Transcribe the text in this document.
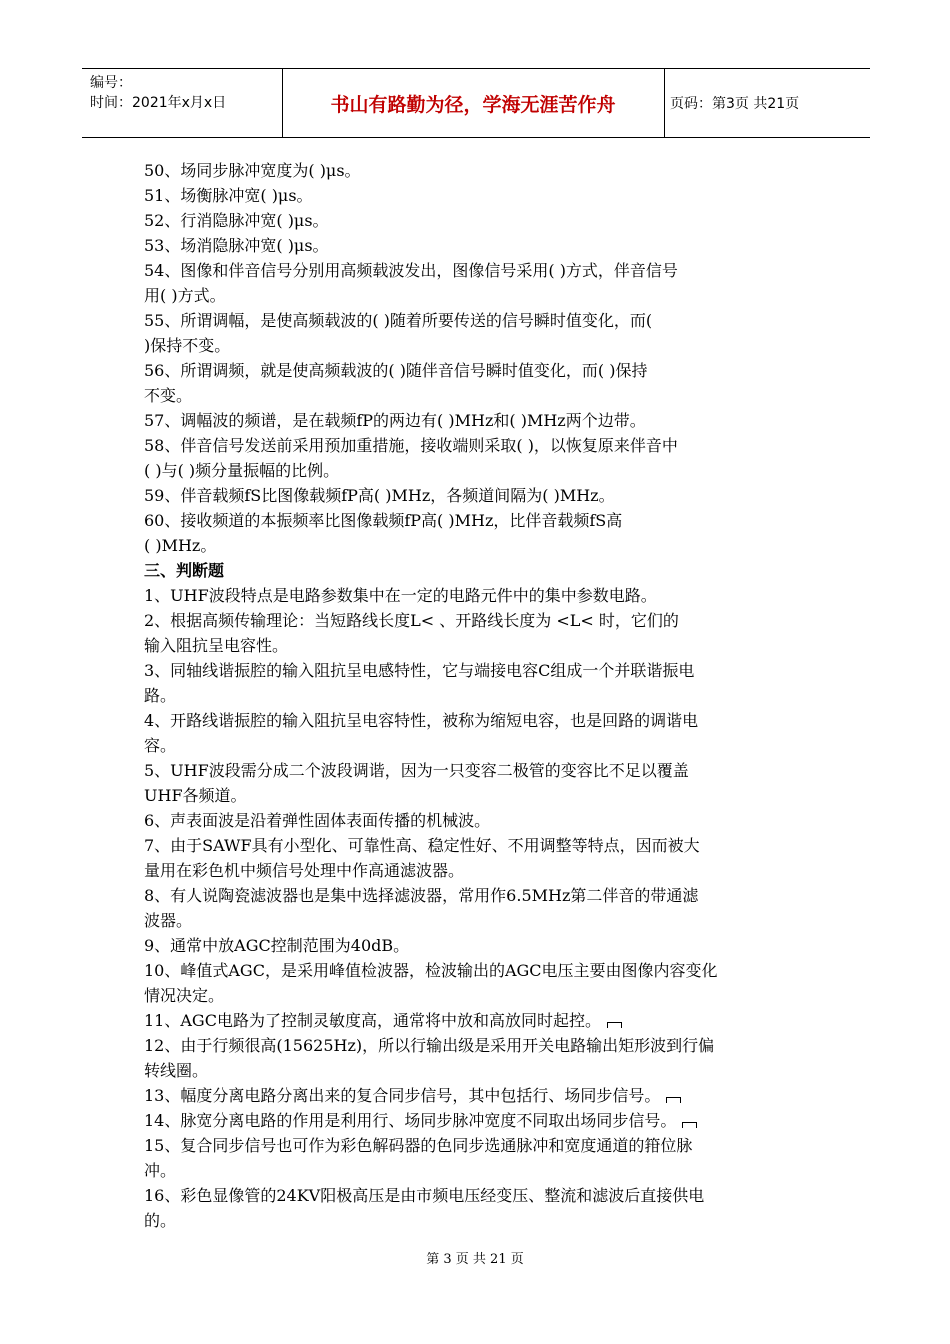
编号：
时间：2021年x月x日	书山有路勤为径，学海无涯苦作舟	页码：第3页 共21页
50、场同步脉冲宽度为( )μs。
51、场衡脉冲宽( )μs。
52、行消隐脉冲宽( )μs。
53、场消隐脉冲宽( )μs。
54、图像和伴音信号分别用高频载波发出，图像信号采用( )方式，伴音信号
用( )方式。
55、所谓调幅，是使高频载波的( )随着所要传送的信号瞬时值变化，而(
)保持不变。
56、所谓调频，就是使高频载波的( )随伴音信号瞬时值变化，而( )保持
不变。
57、调幅波的频谱，是在载频fP的两边有( )MHz和( )MHz两个边带。
58、伴音信号发送前采用预加重措施，接收端则采取( )，以恢复原来伴音中
( )与( )频分量振幅的比例。
59、伴音载频fS比图像载频fP高( )MHz，各频道间隔为( )MHz。
60、接收频道的本振频率比图像载频fP高( )MHz，比伴音载频fS高
( )MHz。
三、判断题
1、UHF波段特点是电路参数集中在一定的电路元件中的集中参数电路。
2、根据高频传输理论：当短路线长度L< 、开路线长度为 <L< 时，它们的
输入阻抗呈电容性。
3、同轴线谐振腔的输入阻抗呈电感特性，它与端接电容C组成一个并联谐振电
路。
4、开路线谐振腔的输入阻抗呈电容特性，被称为缩短电容，也是回路的调谐电
容。
5、UHF波段需分成二个波段调谐，因为一只变容二极管的变容比不足以覆盖
UHF各频道。
6、声表面波是沿着弹性固体表面传播的机械波。
7、由于SAWF具有小型化、可靠性高、稳定性好、不用调整等特点，因而被大
量用在彩色机中频信号处理中作高通滤波器。
8、有人说陶瓷滤波器也是集中选择滤波器，常用作6.5MHz第二伴音的带通滤
波器。
9、通常中放AGC控制范围为40dB。
10、峰值式AGC，是采用峰值检波器，检波输出的AGC电压主要由图像内容变化
情况决定。
11、AGC电路为了控制灵敏度高，通常将中放和高放同时起控。
12、由于行频很高(15625Hz)，所以行输出级是采用开关电路输出矩形波到行偏
转线圈。
13、幅度分离电路分离出来的复合同步信号，其中包括行、场同步信号。
14、脉宽分离电路的作用是利用行、场同步脉冲宽度不同取出场同步信号。
15、复合同步信号也可作为彩色解码器的色同步选通脉冲和宽度通道的箝位脉
冲。
16、彩色显像管的24KV阳极高压是由市频电压经变压、整流和滤波后直接供电
的。
第 3 页 共 21 页
